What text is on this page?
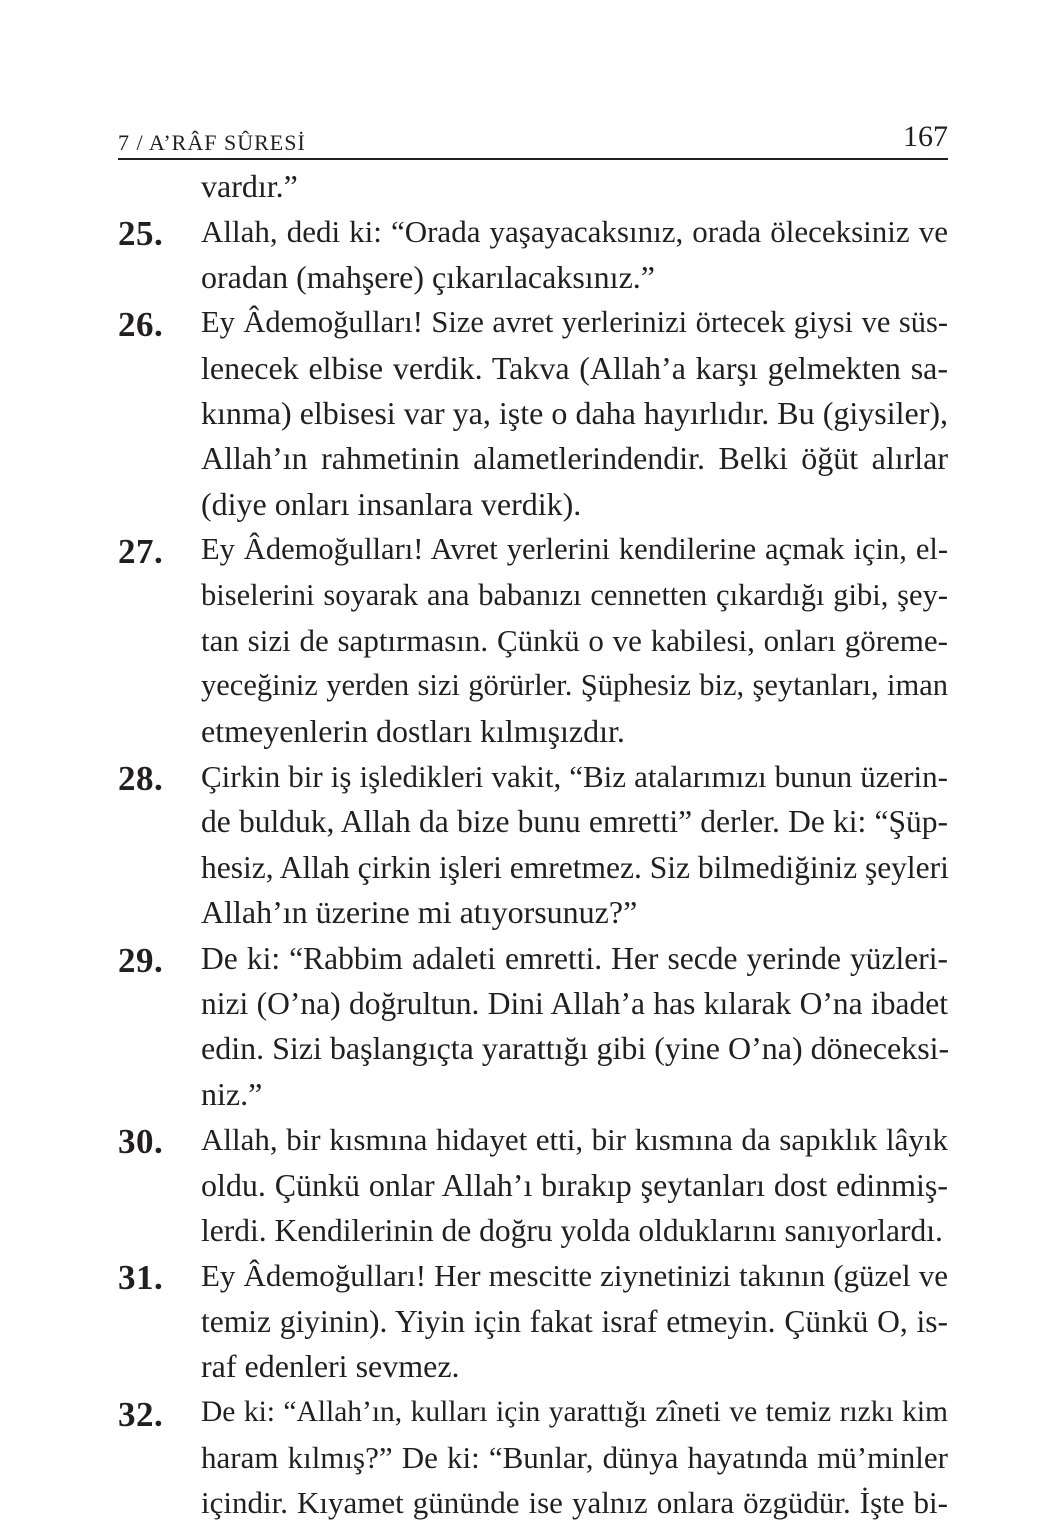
7 / A’RÂF SÛRESİ	167
vardır.”
25. Allah, dedi ki: “Orada yaşayacaksınız, orada öleceksiniz ve
oradan (mahşere) çıkarılacaksınız.”
26. Ey Âdemoğulları! Size avret yerlerinizi örtecek giysi ve süs-
lenecek elbise verdik. Takva (Allah’a karşı gelmekten sa-
kınma) elbisesi var ya, işte o daha hayırlıdır. Bu (giysiler),
Allah’ın rahmetinin alametlerindendir. Belki öğüt alırlar
(diye onları insanlara verdik).
27. Ey Âdemoğulları! Avret yerlerini kendilerine açmak için, el-
biselerini soyarak ana babanızı cennetten çıkardığı gibi, şey-
tan sizi de saptırmasın. Çünkü o ve kabilesi, onları göreme-
yeceğiniz yerden sizi görürler. Şüphesiz biz, şeytanları, iman
etmeyenlerin dostları kılmışızdır.
28. Çirkin bir iş işledikleri vakit, “Biz atalarımızı bunun üzerin-
de bulduk, Allah da bize bunu emretti” derler. De ki: “Şüp-
hesiz, Allah çirkin işleri emretmez. Siz bilmediğiniz şeyleri
Allah’ın üzerine mi atıyorsunuz?”
29. De ki: “Rabbim adaleti emretti. Her secde yerinde yüzleri-
nizi (O’na) doğrultun. Dini Allah’a has kılarak O’na ibadet
edin. Sizi başlangıçta yarattığı gibi (yine O’na) döneceksi-
niz.”
30. Allah, bir kısmına hidayet etti, bir kısmına da sapıklık lâyık
oldu. Çünkü onlar Allah’ı bırakıp şeytanları dost edinmiş-
lerdi. Kendilerinin de doğru yolda olduklarını sanıyorlardı.
31. Ey Âdemoğulları! Her mescitte ziynetinizi takının (güzel ve
temiz giyinin). Yiyin için fakat israf etmeyin. Çünkü O, is-
raf edenleri sevmez.
32. De ki: “Allah’ın, kulları için yarattığı zîneti ve temiz rızkı kim
haram kılmış?” De ki: “Bunlar, dünya hayatında mü’minler
içindir. Kıyamet gününde ise yalnız onlara özgüdür. İşte bi-
